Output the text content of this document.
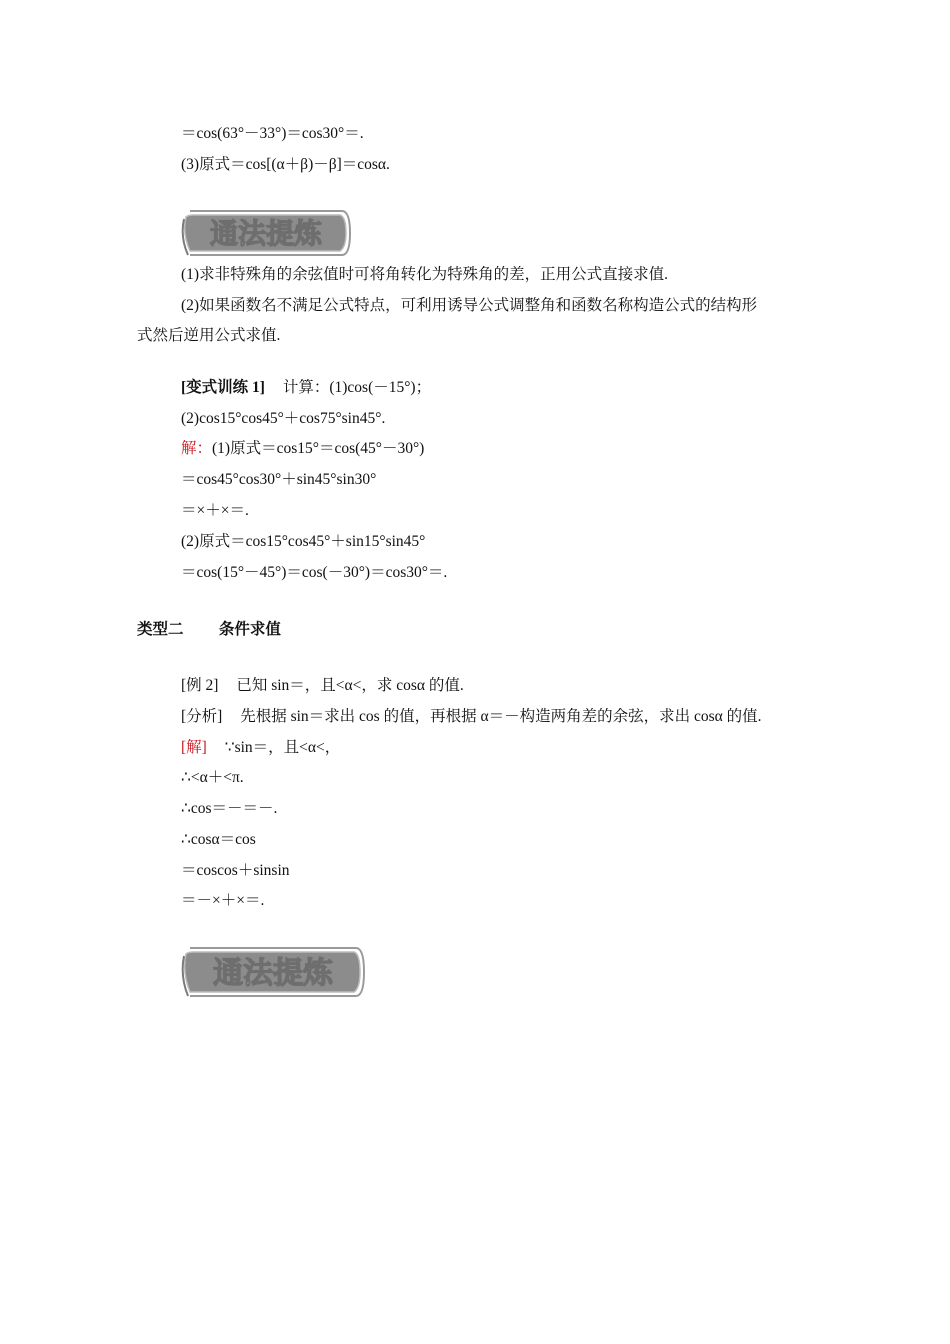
＝cos(63°－33°)＝cos30°＝.
(3)原式＝cos[(α＋β)－β]＝cosα.
通法提炼
(1)求非特殊角的余弦值时可将角转化为特殊角的差，正用公式直接求值.
(2)如果函数名不满足公式特点，可利用诱导公式调整角和函数名称构造公式的结构形
式然后逆用公式求值.
[变式训练 1] 计算：(1)cos(－15°)；
(2)cos15°cos45°＋cos75°sin45°.
解：(1)原式＝cos15°＝cos(45°－30°)
＝cos45°cos30°＋sin45°sin30°
＝×＋×＝.
(2)原式＝cos15°cos45°＋sin15°sin45°
＝cos(15°－45°)＝cos(－30°)＝cos30°＝.
类型二 条件求值
[例 2] 已知 sin＝，且<α<，求 cosα 的值.
[分析] 先根据 sin＝求出 cos 的值，再根据 α＝－构造两角差的余弦，求出 cosα 的值.
[解] ∵sin＝，且<α<，
∴<α＋<π.
∴cos＝－＝－.
∴cosα＝cos
＝coscos＋sinsin
＝－×＋×＝.
通法提炼
